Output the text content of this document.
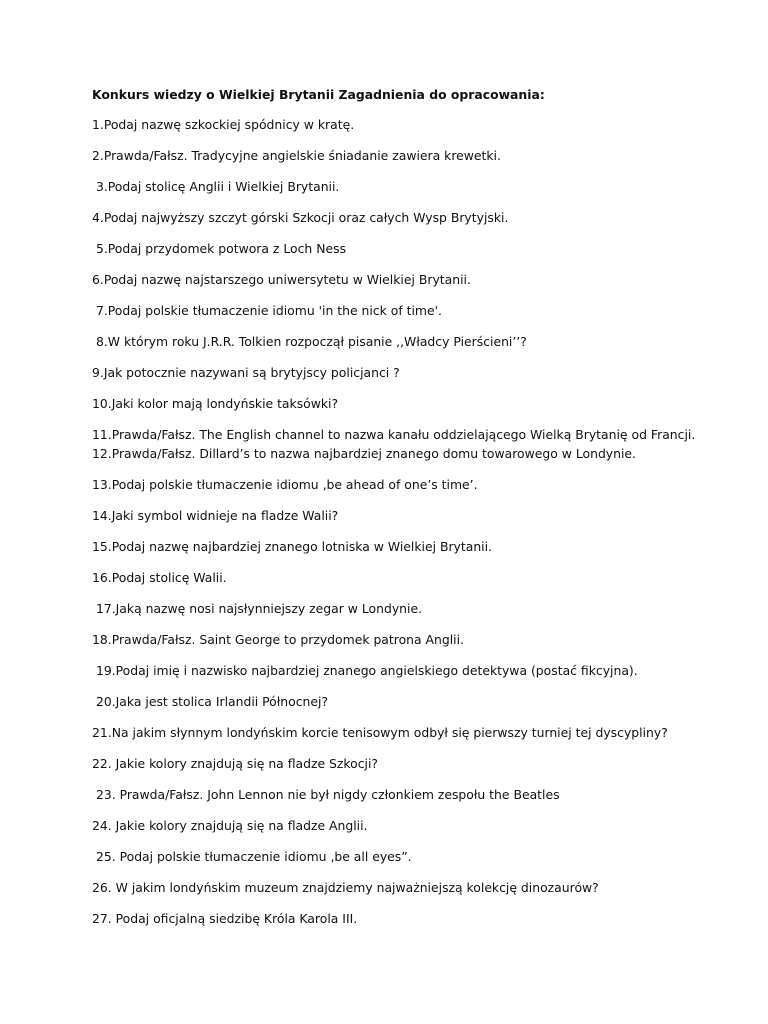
Konkurs wiedzy o Wielkiej Brytanii Zagadnienia do opracowania:
1.Podaj nazwę szkockiej spódnicy w kratę.
2.Prawda/Fałsz. Tradycyjne angielskie śniadanie zawiera krewetki.
3.Podaj stolicę Anglii i Wielkiej Brytanii.
4.Podaj najwyższy szczyt górski Szkocji oraz całych Wysp Brytyjski.
5.Podaj przydomek potwora z Loch Ness
6.Podaj nazwę najstarszego uniwersytetu w Wielkiej Brytanii.
7.Podaj polskie tłumaczenie idiomu 'in the nick of time'.
8.W którym roku J.R.R. Tolkien rozpoczął pisanie ,,Władcy Pierścieni’’?
9.Jak potocznie nazywani są brytyjscy policjanci ?
10.Jaki kolor mają londyńskie taksówki?
11.Prawda/Fałsz. The English channel to nazwa kanału oddzielającego Wielką Brytanię od Francji.
12.Prawda/Fałsz. Dillard’s to nazwa najbardziej znanego domu towarowego w Londynie.
13.Podaj polskie tłumaczenie idiomu ‚be ahead of one’s time’.
14.Jaki symbol widnieje na fladze Walii?
15.Podaj nazwę najbardziej znanego lotniska w Wielkiej Brytanii.
16.Podaj stolicę Walii.
17.Jaką nazwę nosi najsłynniejszy zegar w Londynie.
18.Prawda/Fałsz. Saint George to przydomek patrona Anglii.
19.Podaj imię i nazwisko najbardziej znanego angielskiego detektywa (postać fikcyjna).
20.Jaka jest stolica Irlandii Północnej?
21.Na jakim słynnym londyńskim korcie tenisowym odbył się pierwszy turniej tej dyscypliny?
22. Jakie kolory znajdują się na fladze Szkocji?
23. Prawda/Fałsz. John Lennon nie był nigdy członkiem zespołu the Beatles
24. Jakie kolory znajdują się na fladze Anglii.
25. Podaj polskie tłumaczenie idiomu ‚be all eyes”.
26. W jakim londyńskim muzeum znajdziemy najważniejszą kolekcję dinozaurów?
27. Podaj oficjalną siedzibę Króla Karola III.
